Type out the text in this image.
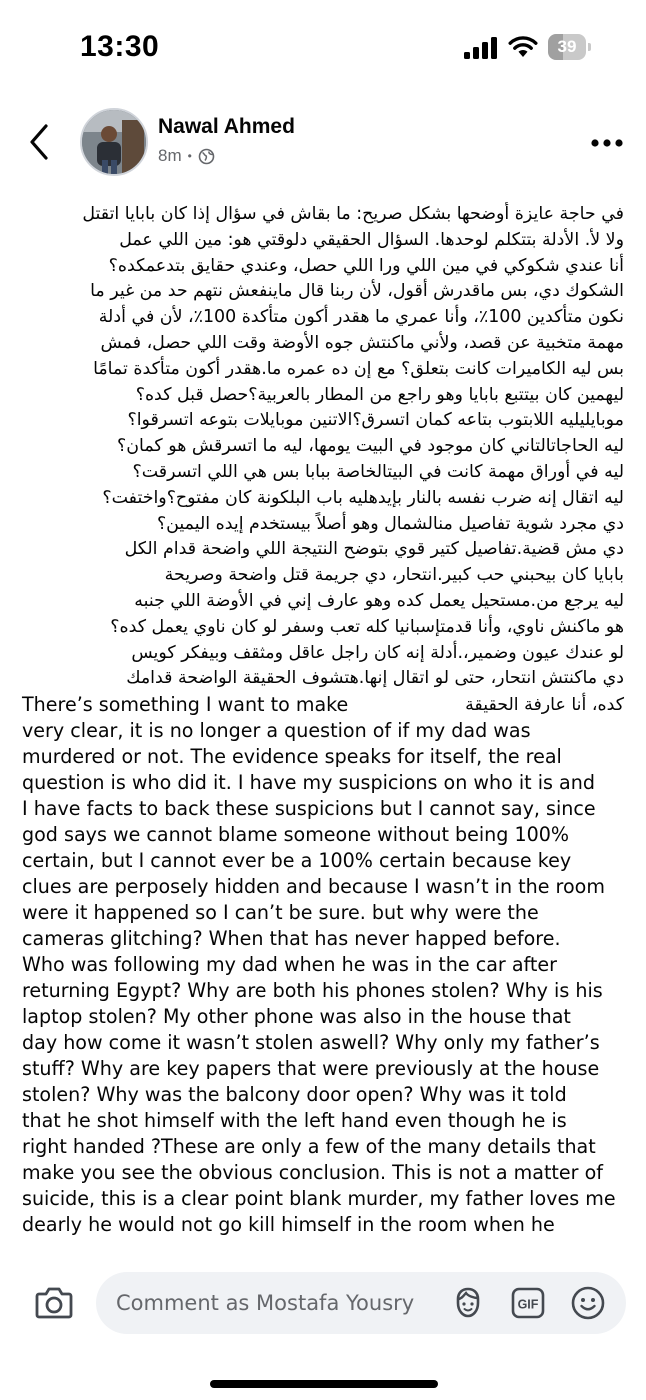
13:30	39
Nawal Ahmed
8m •
في حاجة عايزة أوضحها بشكل صريح: ما بقاش في سؤال إذا كان بابايا اتقتل
ولا لأ. الأدلة بتتكلم لوحدها. السؤال الحقيقي دلوقتي هو: مين اللي عمل
أنا عندي شكوكي في مين اللي ورا اللي حصل، وعندي حقايق بتدعمكده؟
الشكوك دي، بس ماقدرش أقول، لأن ربنا قال ماينفعش نتهم حد من غير ما
نكون متأكدين 100٪، وأنا عمري ما هقدر أكون متأكدة 100٪، لأن في أدلة
مهمة متخبية عن قصد، ولأني ماكنتش جوه الأوضة وقت اللي حصل، فمش
بس ليه الكاميرات كانت بتعلق؟ مع إن ده عمره ما.هقدر أكون متأكدة تمامًا
ليهمين كان بيتتبع بابايا وهو راجع من المطار بالعربية؟حصل قبل كده؟
موبايليليه اللابتوب بتاعه كمان اتسرق؟الاتنين موبايلات بتوعه اتسرقوا؟
ليه الحاجاتالتاني كان موجود في البيت يومها، ليه ما اتسرقش هو كمان؟
ليه في أوراق مهمة كانت في البيتالخاصة ببابا بس هي اللي اتسرقت؟
ليه اتقال إنه ضرب نفسه بالنار بإيدهليه باب البلكونة كان مفتوح؟واختفت؟
دي مجرد شوية تفاصيل منالشمال وهو أصلاً بيستخدم إيده اليمين؟
دي مش قضية.تفاصيل كتير قوي بتوضح النتيجة اللي واضحة قدام الكل
بابايا كان بيحبني حب كبير.انتحار، دي جريمة قتل واضحة وصريحة
ليه يرجع من.مستحيل يعمل كده وهو عارف إني في الأوضة اللي جنبه
هو ماكنش ناوي، وأنا قدمتإسبانيا كله تعب وسفر لو كان ناوي يعمل كده؟
لو عندك عيون وضمير،.أدلة إنه كان راجل عاقل ومثقف وبيفكر كويس
دي ماكنتش انتحار، حتى لو اتقال إنها.هتشوف الحقيقة الواضحة قدامك
There’s something I want to make	كده، أنا عارفة الحقيقة
very clear, it is no longer a question of if my dad was
murdered or not. The evidence speaks for itself, the real
question is who did it. I have my suspicions on who it is and
I have facts to back these suspicions but I cannot say, since
god says we cannot blame someone without being 100%
certain, but I cannot ever be a 100% certain because key
clues are perposely hidden and because I wasn’t in the room
were it happened so I can’t be sure. but why were the
cameras glitching? When that has never happed before.
Who was following my dad when he was in the car after
returning Egypt? Why are both his phones stolen? Why is his
laptop stolen? My other phone was also in the house that
day how come it wasn’t stolen aswell? Why only my father’s
stuff? Why are key papers that were previously at the house
stolen? Why was the balcony door open? Why was it told
that he shot himself with the left hand even though he is
right handed ?These are only a few of the many details that
make you see the obvious conclusion. This is not a matter of
suicide, this is a clear point blank murder, my father loves me
dearly he would not go kill himself in the room when he
Comment as Mostafa Yousry	GIF
